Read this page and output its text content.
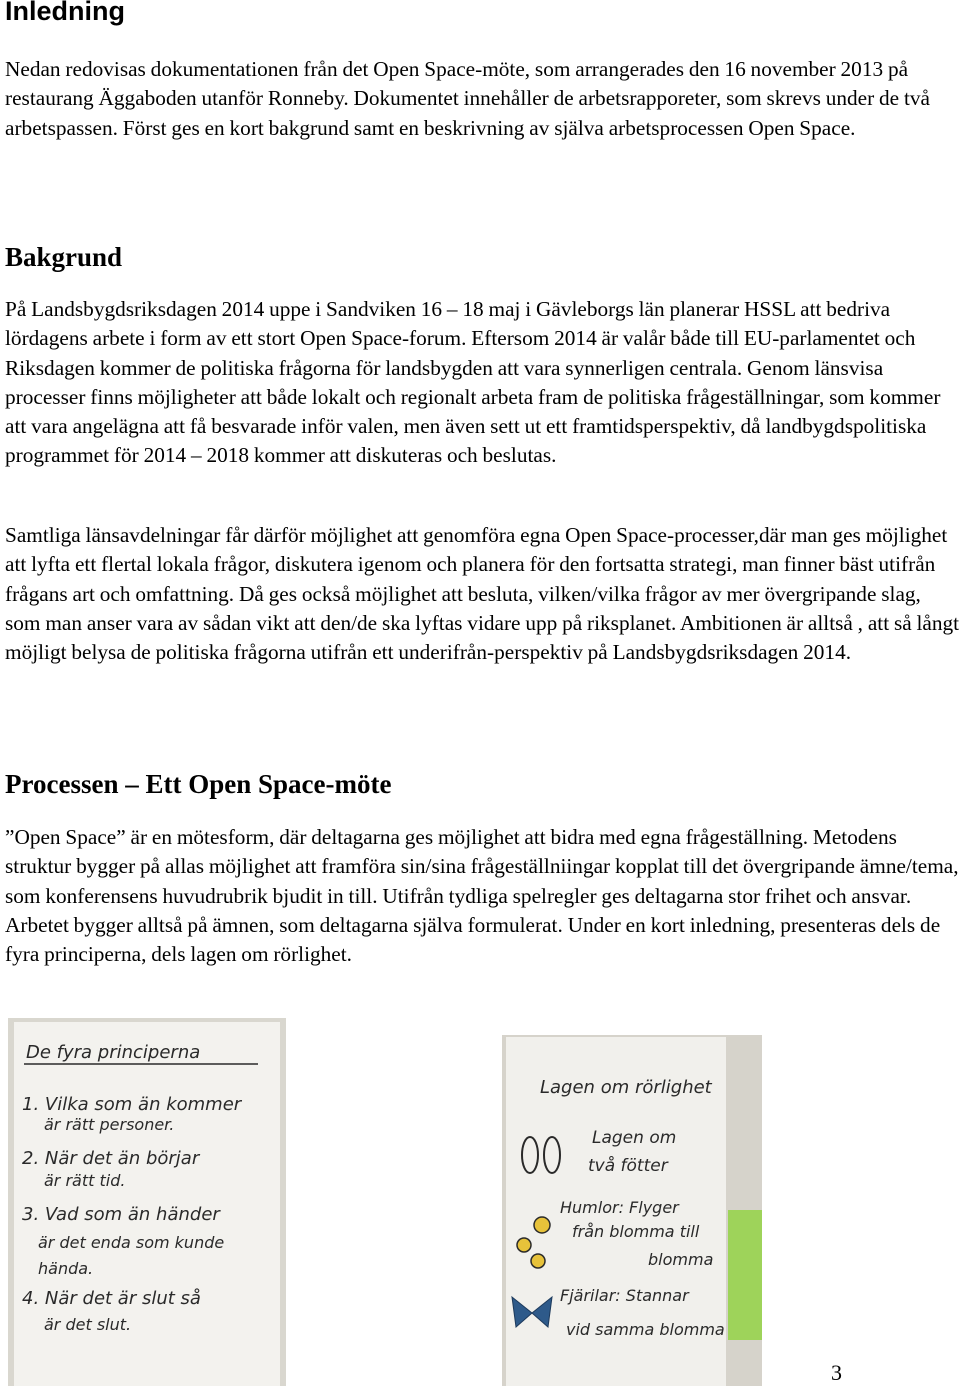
Inledning

Nedan redovisas dokumentationen från det Open Space-möte, som arrangerades den 16 november 2013 på restaurang Äggaboden utanför Ronneby. Dokumentet innehåller de arbetsrapporeter, som skrevs under de två arbetspassen. Först ges en kort bakgrund samt en beskrivning av själva arbetsprocessen Open Space.

Bakgrund

På Landsbygdsriksdagen 2014 uppe i Sandviken 16 – 18 maj i Gävleborgs län planerar HSSL att bedriva lördagens arbete i form av ett stort Open Space-forum. Eftersom 2014 är valår både till EU-parlamentet och Riksdagen kommer de politiska frågorna för landsbygden att vara synnerligen centrala. Genom länsvisa processer finns möjligheter att både lokalt och regionalt arbeta fram de politiska frågeställningar, som kommer att vara angelägna att få besvarade inför valen, men även sett ut ett framtidsperspektiv, då landbygdspolitiska programmet för 2014 – 2018 kommer att diskuteras och beslutas.

Samtliga länsavdelningar får därför möjlighet att genomföra egna Open Space-processer,där man ges möjlighet att lyfta ett flertal lokala frågor, diskutera igenom och planera för den fortsatta strategi, man finner bäst utifrån frågans art och omfattning. Då ges också möjlighet att besluta, vilken/vilka frågor av mer övergripande slag, som man anser vara av sådan vikt att den/de ska lyftas vidare upp på riksplanet. Ambitionen är alltså , att så långt möjligt belysa de politiska frågorna utifrån ett underifrån-perspektiv på Landsbygdsriksdagen 2014.

Processen – Ett Open Space-möte

”Open Space” är en mötesform, där deltagarna ges möjlighet att bidra med egna frågeställning. Metodens struktur bygger på allas möjlighet att framföra sin/sina frågeställniingar kopplat till det övergripande ämne/tema, som konferensens huvudrubrik bjudit in till. Utifrån tydliga spelregler ges deltagarna stor frihet och ansvar. Arbetet bygger alltså på ämnen, som deltagarna själva formulerat. Under en kort inledning, presenteras dels de fyra principerna, dels lagen om rörlighet.

De fyra principerna
1. Vilka som än kommer
är rätt personer.
2. När det än börjar
är rätt tid.
3. Vad som än händer
är det enda som kunde
hända.
4. När det är slut så
är det slut.
Lagen om rörlighet
Lagen om
två fötter
Humlor: Flyger
från blomma till
blomma
Fjärilar: Stannar
vid samma blomma
3
